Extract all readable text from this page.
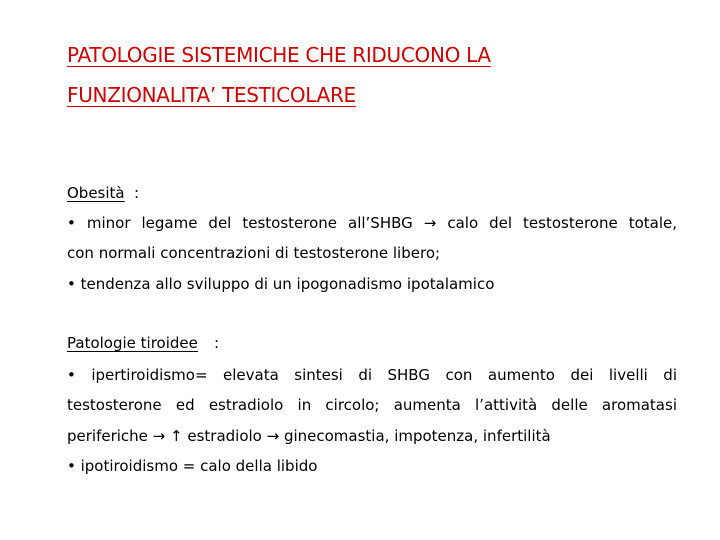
PATOLOGIE SISTEMICHE CHE RIDUCONO LA
FUNZIONALITA’ TESTICOLARE
Obesità :
• minor legame del testosterone all’SHBG → calo del testosterone totale,
con normali concentrazioni di testosterone libero;
• tendenza allo sviluppo di un ipogonadismo ipotalamico
Patologie tiroidee :
• ipertiroidismo= elevata sintesi di SHBG con aumento dei livelli di
testosterone ed estradiolo in circolo; aumenta l’attività delle aromatasi
periferiche → ↑ estradiolo → ginecomastia, impotenza, infertilità
• ipotiroidismo = calo della libido
